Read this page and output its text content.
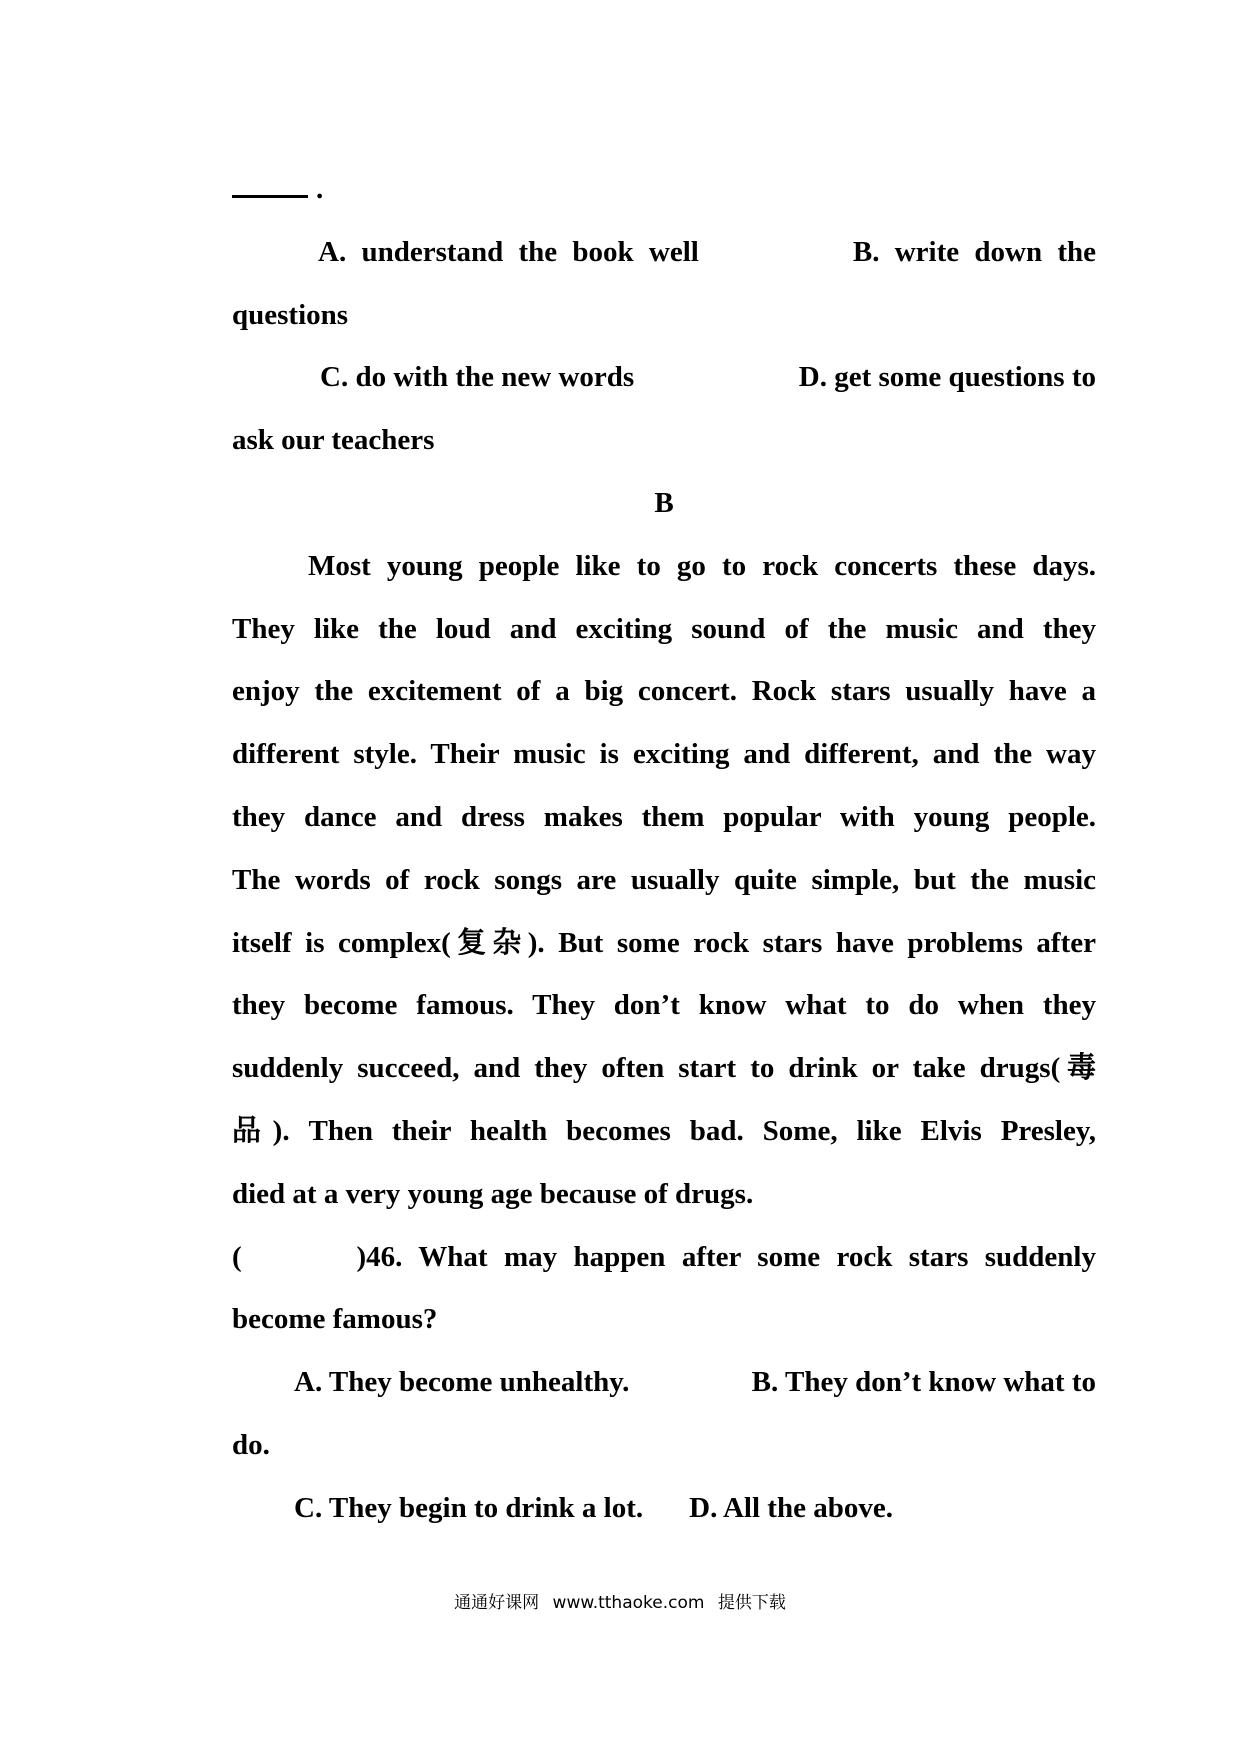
.
A. understand the book well	B. write down the
questions
C. do with the new words	D. get some questions to
ask our teachers
B
Most young people like to go to rock concerts these days.
They like the loud and exciting sound of the music and they
enjoy the excitement of a big concert. Rock stars usually have a
different style. Their music is exciting and different, and the way
they dance and dress makes them popular with young people.
The words of rock songs are usually quite simple, but the music
itself is complex(复杂). But some rock stars have problems after
they become famous. They don’t know what to do when they
suddenly succeed, and they often start to drink or take drugs(毒
品). Then their health becomes bad. Some, like Elvis Presley,
died at a very young age because of drugs.
(       )46. What may happen after some rock stars suddenly
become famous?
A. They become unhealthy.	B. They don’t know what to
do.
C. They begin to drink a lot. D. All the above.
通通好课网 www.tthaoke.com 提供下载
